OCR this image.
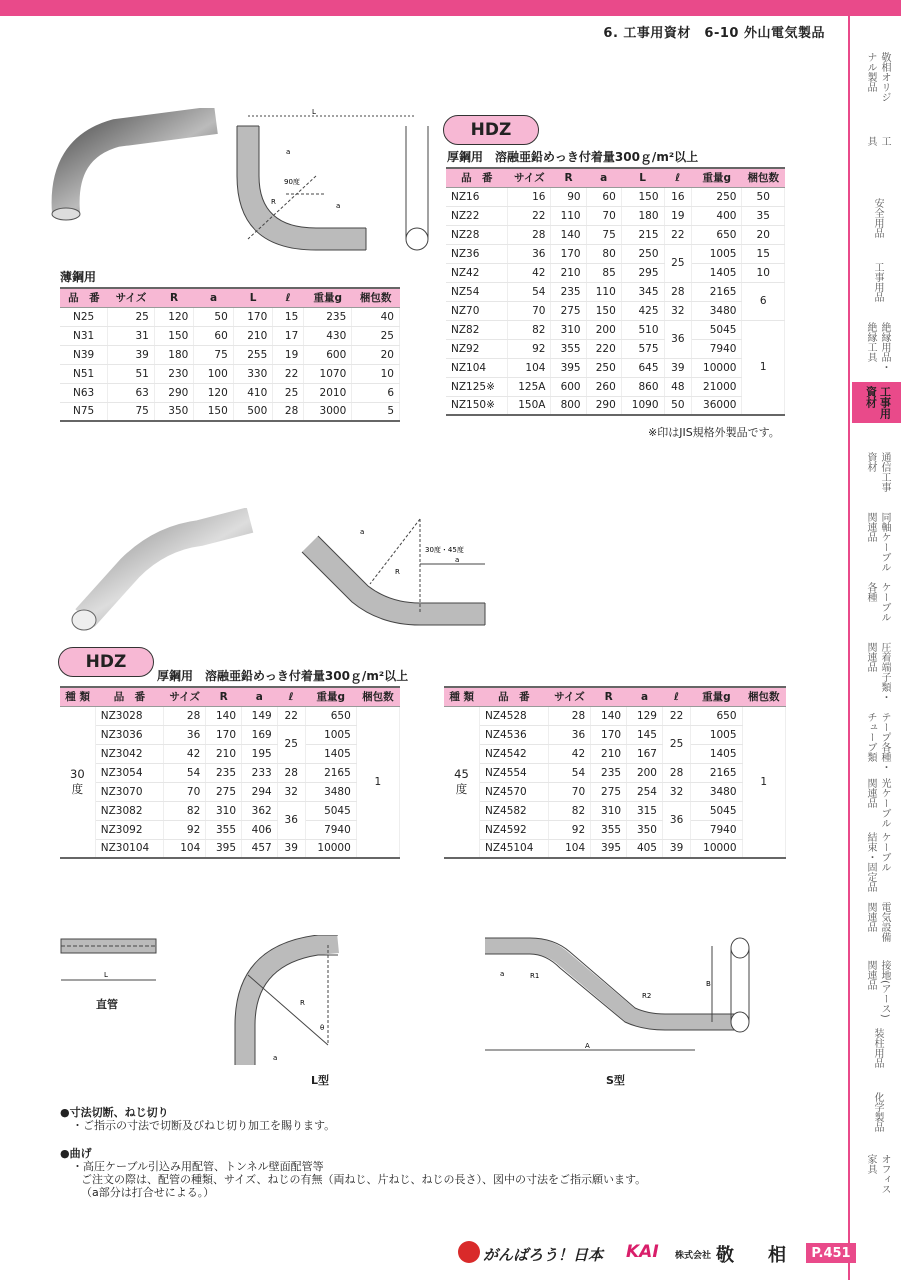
6. 工事用資材　6-10 外山電気製品
敬相オリジ
ナル製品
工
具
安全用品
工事用品
絶縁用品・
絶縁工具
工事用
資材
通信工事
資材
同軸ケーブル
関連品
ケーブル
各種
圧着端子類・
関連品
テープ各種・
チューブ類
光ケーブル
関連品
ケーブル
結束・固定品
電気設備
関連品
接地(アース)
関連品
装柱用品
化学製品
オフィス
家具
L
90度
R	a
a
HDZ
厚鋼用　溶融亜鉛めっき付着量300ｇ/m²以上
薄鋼用
品　番	サイズ	R	a	L	ℓ	重量g	梱包数
N25	25	120	50	170	15	235	40
N31	31	150	60	210	17	430	25
N39	39	180	75	255	19	600	20
N51	51	230	100	330	22	1070	10
N63	63	290	120	410	25	2010	6
N75	75	350	150	500	28	3000	5
品　番	サイズ	R	a	L	ℓ	重量g	梱包数
NZ16	16	90	60	150	16	250	50
NZ22	22	110	70	180	19	400	35
NZ28	28	140	75	215	22	650	20
NZ36	36	170	80	250	25	1005	15
NZ42	42	210	85	295		1405	10
NZ54	54	235	110	345	28	2165	6
NZ70	70	275	150	425	32	3480	
NZ82	82	310	200	510	36	5045	1
NZ92	92	355	220	575		7940	
NZ104	104	395	250	645	39	10000	
NZ125※	125A	600	260	860	48	21000	
NZ150※	150A	800	290	1090	50	36000	
※印はJIS規格外製品です。
30度・45度
R
a
a
HDZ
厚鋼用　溶融亜鉛めっき付着量300ｇ/m²以上
種 類	品　番	サイズ	R	a	ℓ	重量g	梱包数
30
度	NZ3028	28	140	149	22	650	1
	NZ3036	36	170	169	25	1005	
	NZ3042	42	210	195		1405	
	NZ3054	54	235	233	28	2165	
	NZ3070	70	275	294	32	3480	
	NZ3082	82	310	362	36	5045	
	NZ3092	92	355	406		7940	
	NZ30104	104	395	457	39	10000	
種 類	品　番	サイズ	R	a	ℓ	重量g	梱包数
45
度	NZ4528	28	140	129	22	650	1
	NZ4536	36	170	145	25	1005	
	NZ4542	42	210	167		1405	
	NZ4554	54	235	200	28	2165	
	NZ4570	70	275	254	32	3480	
	NZ4582	82	310	315	36	5045	
	NZ4592	92	355	350		7940	
	NZ45104	104	395	405	39	10000	
L
直管	R
θ
a
L型
A
B
R1
R2
a
S型
●寸法切断、ねじ切り
・ご指示の寸法で切断及びねじ切り加工を賜ります。
●曲げ
・高圧ケーブル引込み用配管、トンネル壁面配管等
ご注文の際は、配管の種類、サイズ、ねじの有無（両ねじ、片ねじ、ねじの長さ）、図中の寸法をご指示願います。
（a部分は打合せによる。）
がんばろう！日本 KAI 株式会社 敬 相	P.451
